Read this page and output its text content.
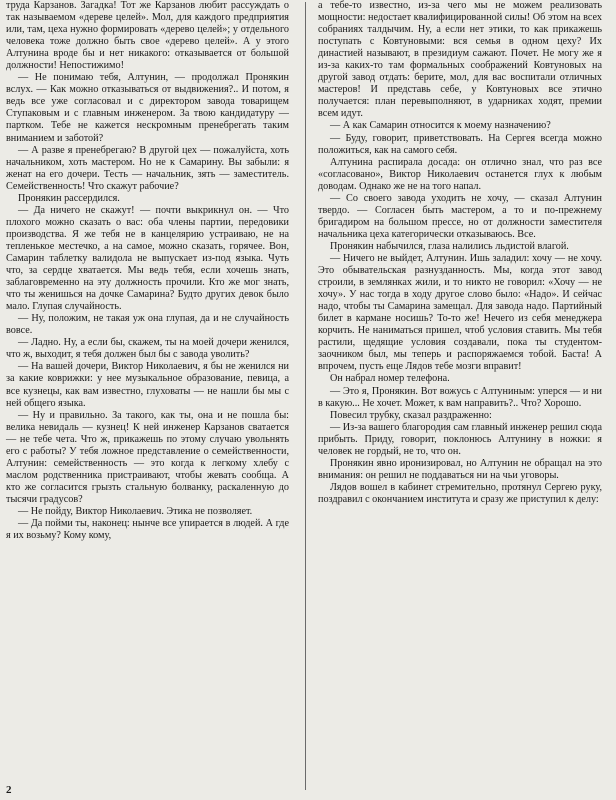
труда Карзанов. Загадка! Тот же Карзанов любит рассуждать о так называемом «дереве целей». Мол, для каждого предприятия или, там, цеха нужно формировать «дерево целей»; у отдельного человека тоже должно быть свое «дерево целей». А у этого Алтунина вроде бы и нет никакого: отказывается от большой должности! Непостижимо!

— Не понимаю тебя, Алтунин, — продолжал Пронякин вслух. — Как можно отказываться от выдвижения?.. И потом, я ведь все уже согласовал и с директором завода товарищем Ступаковым и с главным инженером. За твою кандидатуру — партком. Тебе не кажется нескромным пренебрегать таким вниманием и заботой?

— А разве я пренебрегаю? В другой цех — пожалуйста, хоть начальником, хоть мастером. Но не к Самарину. Вы забыли: я женат на его дочери. Тесть — начальник, зять — заместитель. Семейственность! Что скажут рабочие?

Пронякин рассердился.

— Да ничего не скажут! — почти выкрикнул он. — Что плохого можно сказать о вас: оба члены партии, передовики производства. Я же тебя не в канцелярию устраиваю, не на тепленькое местечко, а на самое, можно сказать, горячее. Вон, Самарин таблетку валидола не выпускает из-под языка. Чуть что, за сердце хватается. Мы ведь тебя, если хочешь знать, заблаговременно на эту должность прочили. Кто же мог знать, что ты женишься на дочке Самарина? Будто других девок было мало. Глупая случайность.

— Ну, положим, не такая уж она глупая, да и не случайность вовсе.

— Ладно. Ну, а если бы, скажем, ты на моей дочери женился, что ж, выходит, я тебя должен был бы с завода уволить?

— На вашей дочери, Виктор Николаевич, я бы не женился ни за какие коврижки: у нее музыкальное образование, певица, а все кузнецы, как вам известно, глуховаты — не нашли бы мы с ней общего языка.

— Ну и правильно. За такого, как ты, она и не пошла бы: велика невидаль — кузнец! К ней инженер Карзанов сватается — не тебе чета. Что ж, прикажешь по этому случаю увольнять его с работы? У тебя ложное представление о семейственности, Алтунин: семейственность — это когда к легкому хлебу с маслом родственника пристраивают, чтобы жевать сообща. А кто же согласится грызть стальную болванку, раскаленную до тысячи градусов?

— Не пойду, Виктор Николаевич. Этика не позволяет.

— Да пойми ты, наконец: нынче все упирается в людей. А где я их возьму? Кому кому,

а тебе-то известно, из-за чего мы не можем реализовать мощности: недостает квалифицированной силы! Об этом на всех собраниях талдычим. Ну, а если нет этики, то как прикажешь поступать с Ковтуновыми: вся семья в одном цеху? Их династией называют, в президиум сажают. Почет. Не могу же я из-за каких-то там формальных соображений Ковтуновых на другой завод отдать: берите, мол, для вас воспитали отличных мастеров! И представь себе, у Ковтуновых все этично получается: план перевыполняют, в ударниках ходят, премии всем идут.

— А как Самарин относится к моему назначению?

— Буду, говорит, приветствовать. На Сергея всегда можно положиться, как на самого себя.

Алтунина распирала досада: он отлично знал, что раз все «согласовано», Виктор Николаевич останется глух к любым доводам. Однако же не на того напал.

— Со своего завода уходить не хочу, — сказал Алтунин твердо. — Согласен быть мастером, а то и по-прежнему бригадиром на большом прессе, но от должности заместителя начальника цеха категорически отказываюсь. Все.

Пронякин набычился, глаза налились льдистой влагой.

— Ничего не выйдет, Алтунин. Ишь заладил: хочу — не хочу. Это обывательская разнузданность. Мы, когда этот завод строили, в землянках жили, и то никто не говорил: «Хочу — не хочу». У нас тогда в ходу другое слово было: «Надо». И сейчас надо, чтобы ты Самарина замещал. Для завода надо. Партийный билет в кармане носишь? То-то же! Нечего из себя менеджера корчить. Не наниматься пришел, чтоб условия ставить. Мы тебя растили, щедящие условия создавали, пока ты студентом-заочником был, мы теперь и распоряжаемся тобой. Баста! А впрочем, пусть еще Лядов тебе мозги вправит!

Он набрал номер телефона.

— Это я, Пронякин. Вот вожусь с Алтуниным: уперся — и ни в какую... Не хочет. Может, к вам направить?.. Что? Хорошо.

Повесил трубку, сказал раздраженно:

— Из-за вашего благородия сам главный инженер решил сюда прибыть. Приду, говорит, поклонюсь Алтунину в ножки: я человек не гордый, не то, что он.

Пронякин явно иронизировал, но Алтунин не обращал на это внимания: он решил не поддаваться ни на чьи уговоры.

Лядов вошел в кабинет стремительно, протянул Сергею руку, поздравил с окончанием института и сразу же приступил к делу:

2
